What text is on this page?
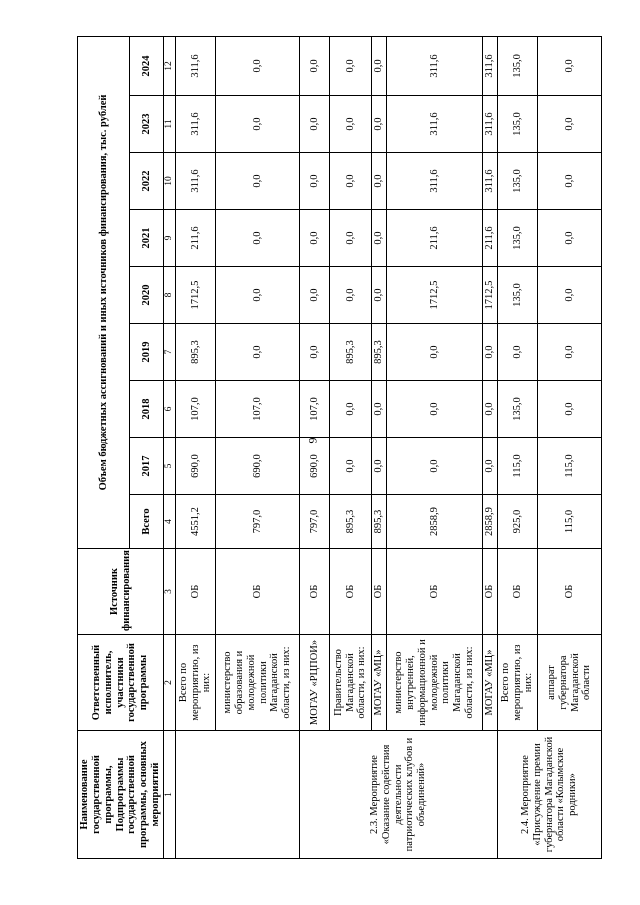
9
Наименование государственной программы, Подпрограммы государственной программы, основных мероприятий	Ответственный исполнитель, участники государственной программы	Источник финансирования	Объем бюджетных ассигнований и иных источников финансирования, тыс. рублей								
			Всего	2017	2018	2019	2020	2021	2022	2023	2024
1	2	3	4	5	6	7	8	9	10	11	12
	Всего по мероприятию, из них:	ОБ	4551,2	690,0	107,0	895,3	1712,5	211,6	311,6	311,6	311,6
	министерство образования и молодежной политики Магаданской области, из них:	ОБ	797,0	690,0	107,0	0,0	0,0	0,0	0,0	0,0	0,0
2.3. Мероприятие «Оказание содействия деятельности патриотических клубов и объединений»	МОГАУ «РЦПОИ»	ОБ	797,0	690,0	107,0	0,0	0,0	0,0	0,0	0,0	0,0
	Правительство Магаданской области, из них:	ОБ	895,3	0,0	0,0	895,3	0,0	0,0	0,0	0,0	0,0
	МОГАУ «МЦ»	ОБ	895,3	0,0	0,0	895,3	0,0	0,0	0,0	0,0	0,0
	министерство внутренней, информационной и молодежной политики Магаданской области, из них:	ОБ	2858,9	0,0	0,0	0,0	1712,5	211,6	311,6	311,6	311,6
	МОГАУ «МЦ»	ОБ	2858,9	0,0	0,0	0,0	1712,5	211,6	311,6	311,6	311,6
2.4. Мероприятие «Присуждение премии губернатора Магаданской области «Колымские родники»	Всего по мероприятию, из них:	ОБ	925,0	115,0	135,0	0,0	135,0	135,0	135,0	135,0	135,0
	аппарат губернатора Магаданской области	ОБ	115,0	115,0	0,0	0,0	0,0	0,0	0,0	0,0	0,0
